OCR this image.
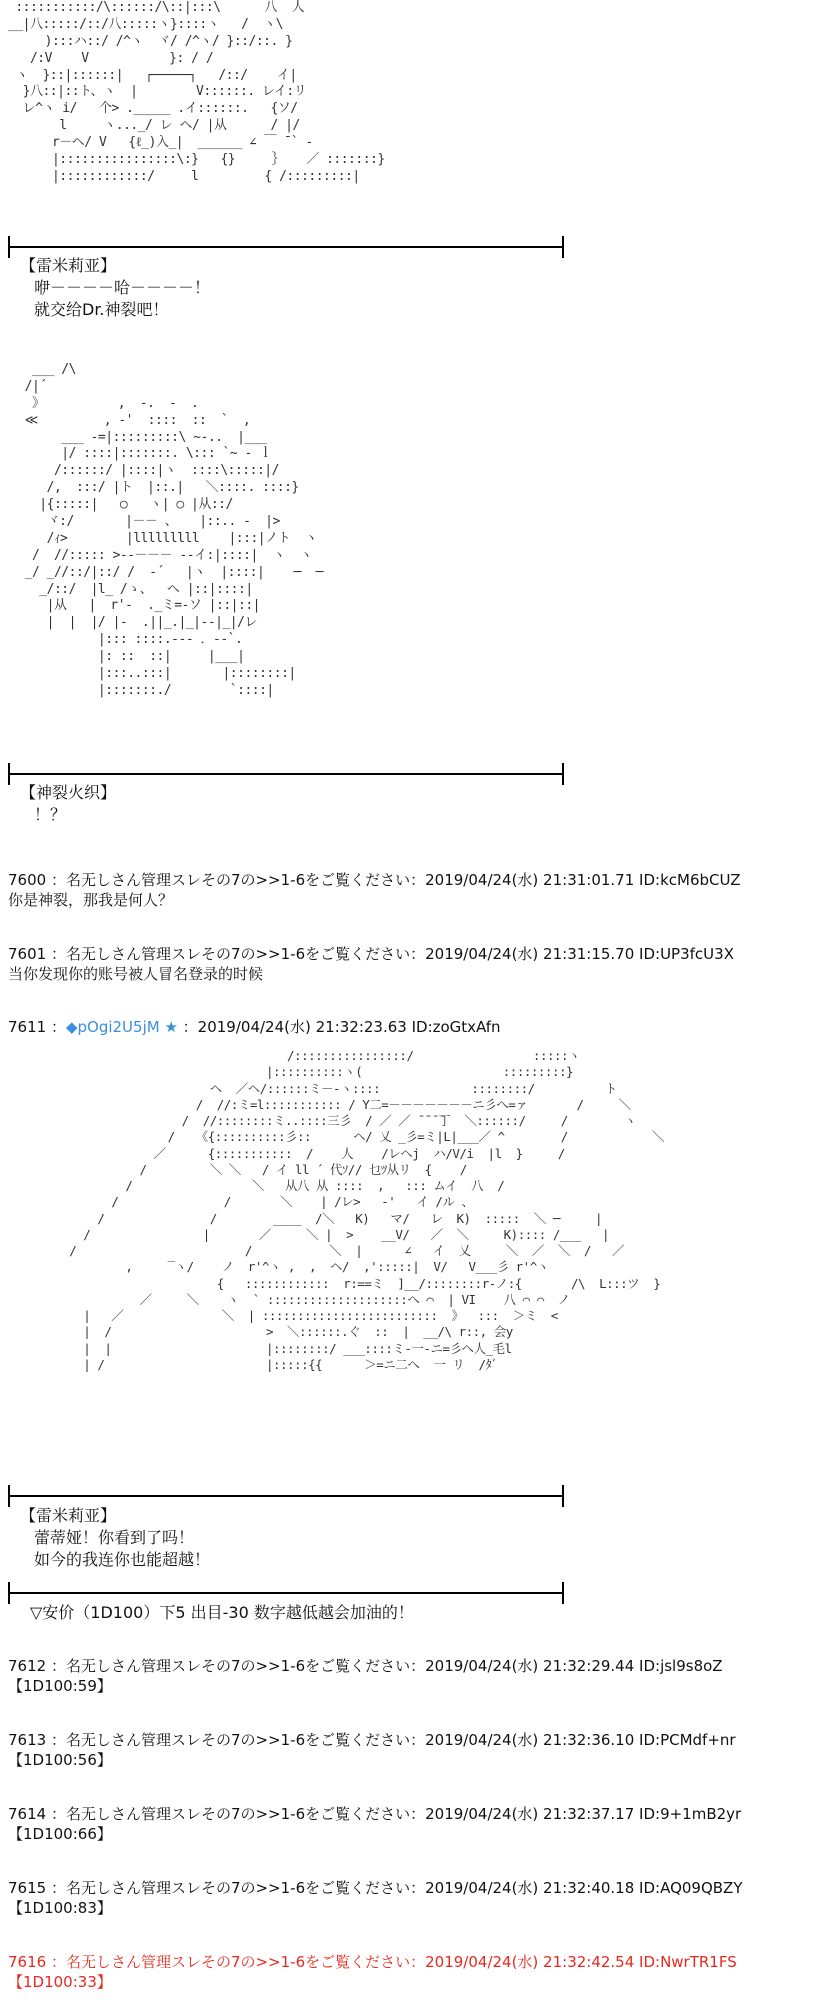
:::::::::::/\::::::/\::|:::\      八  人
__|八:::::/::/八:::::ヽ}::::ヽ   /  ヽ\
):::ハ::/ /^ヽ  ヾ/ /^ヽ/ }::/::. }
/:V    V           }: / /
ヽ  }::|::::::|   ┌─────┐   /::/    イ|
}八::|::ト、ヽ  |        V::::::. レイ:リ
レ^ヽ i/   个> ._____ .イ::::::.   {ソ/
l     ヽ..._/ レ ヘ/ |从      / |/
r－ヘ/ V   {ℓ_)入_|  ______ ∠ ￣ ̄ ` ‐
|::::::::::::::::\:}   {}     ｝   ／ :::::::}
|::::::::::::/     l         { /:::::::::|

【雷米莉亚】
咿－－－－哈－－－－！
就交给Dr.神裂吧！
___ /\
/|´
》          ,  -.  -  .
≪         , -'  ::::  ::  `  ,
___ -=|:::::::::\ ~-..  |___
|/ ::::|:::::::. \::: `~ - ｌ
/::::::/ |::::|ヽ  ::::\:::::|/
/,  :::/ |ト  |::.|   ＼::::. ::::}
|{:::::|   ○   ヽ| ○ |从::/
ヾ:/       |－－ 、   |::.. -  |>
/ｨ>        |lllllllll    |:::|ノト  ヽ
/  //::::: >-‐－－－ ‐‐イ:|::::|  ヽ  ヽ
_/ _//::/|::/ /  ‐´   |ヽ  |::::|    ─  ─
_/::/  |l_ /ゝ、  ヘ |::|::::|
|从   |  r'-  ._ミ=-ソ |::|::|
|  |  |/ |-  .||_.|_|‐-|_|/レ
|::: ::::.--- ．--`.
|: ::  ::|     |___|
|:::..:::|       |::::::::|
|:::::::./        `::::|

【神裂火织】
！？
7600 ：名无しさん管理スレその7の>>1-6をご覧ください：2019/04/24(水) 21:31:01.71 ID:kcM6bCUZ
你是神裂，那我是何人？
7601 ：名无しさん管理スレその7の>>1-6をご覧ください：2019/04/24(水) 21:31:15.70 ID:UP3fcU3X
当你发现你的账号被人冒名登录的时候
7611 ：◆pOgi2U5jM ★ ：2019/04/24(水) 21:32:23.63 ID:zoGtxAfn
/::::::::::::::::/                 :::::ヽ
|::::::::::ヽ(                    :::::::::}
ヘ  ／ヘ/::::::ミ－-ヽ::::             ::::::::/          ト
/  //:ミ=l::::::::::: / Y二=－－－－－－－ニ彡へ=ァ       /     ＼
/  //::::::::ミ..::::三彡  / ／ ／ ̄ ̄ ̄ ̄丁  ＼::::::/     /        ヽ
/   《{::::::::::彡::      ヘ/ 乂 _彡=ミ|L|___／ ^        /            ＼
／      {:::::::::::  /    人    /レヘj  ハ/V/i  |l  }     /
/         ＼ ＼   / イ ll ´ 代ｿ// 乜ﾂ从リ  {    /
/                 ＼   从八 从 ::::  ,   ::: ムイ  八  /
/               /       ＼    | /レ>   -'   イ /ル 、
/               /        ____  /＼   K)   マ/   レ  K)  :::::  ＼ ─     |
/                |       ／     ＼ |  >    __V/   ／  ＼     K):::: /___   |
/                        /           ＼  |      ∠   イ  乂     ＼  ／  ＼  /   ／
,     ‾ヽ/    ノ  r'^ヽ ,  ,  ヘ/  ,':::::|  V/   V___彡 r'^ヽ
{   ::::::::::::  r:==ミ  ]__/::::::::r-ノ:{       /\  L:::ツ  }
／     ＼    ヽ  ` ::::::::::::::::::::へ ⌒  | VI    八 ⌒ ⌒  ノ
|   ／              ＼  | :::::::::::::::::::::::::  》  :::  ＞ミ  <
|  /                      >  ＼::::::.ぐ  ::  |  __/\ r::, 会y
|  |                      |::::::::/ ___::::ミ-一-ニ=彡へ人_毛l
| /                       |:::::{{      ＞=ニ二へ  一 リ  /ﾀﾞ

【雷米莉亚】
蕾蒂娅！你看到了吗！
如今的我连你也能超越！
▽安价（1D100）下5 出目-30 数字越低越会加油的！
7612 ：名无しさん管理スレその7の>>1-6をご覧ください：2019/04/24(水) 21:32:29.44 ID:jsl9s8oZ
【1D100:59】
7613 ：名无しさん管理スレその7の>>1-6をご覧ください：2019/04/24(水) 21:32:36.10 ID:PCMdf+nr
【1D100:56】
7614 ：名无しさん管理スレその7の>>1-6をご覧ください：2019/04/24(水) 21:32:37.17 ID:9+1mB2yr
【1D100:66】
7615 ：名无しさん管理スレその7の>>1-6をご覧ください：2019/04/24(水) 21:32:40.18 ID:AQ09QBZY
【1D100:83】
7616 ：名无しさん管理スレその7の>>1-6をご覧ください：2019/04/24(水) 21:32:42.54 ID:NwrTR1FS
【1D100:33】
